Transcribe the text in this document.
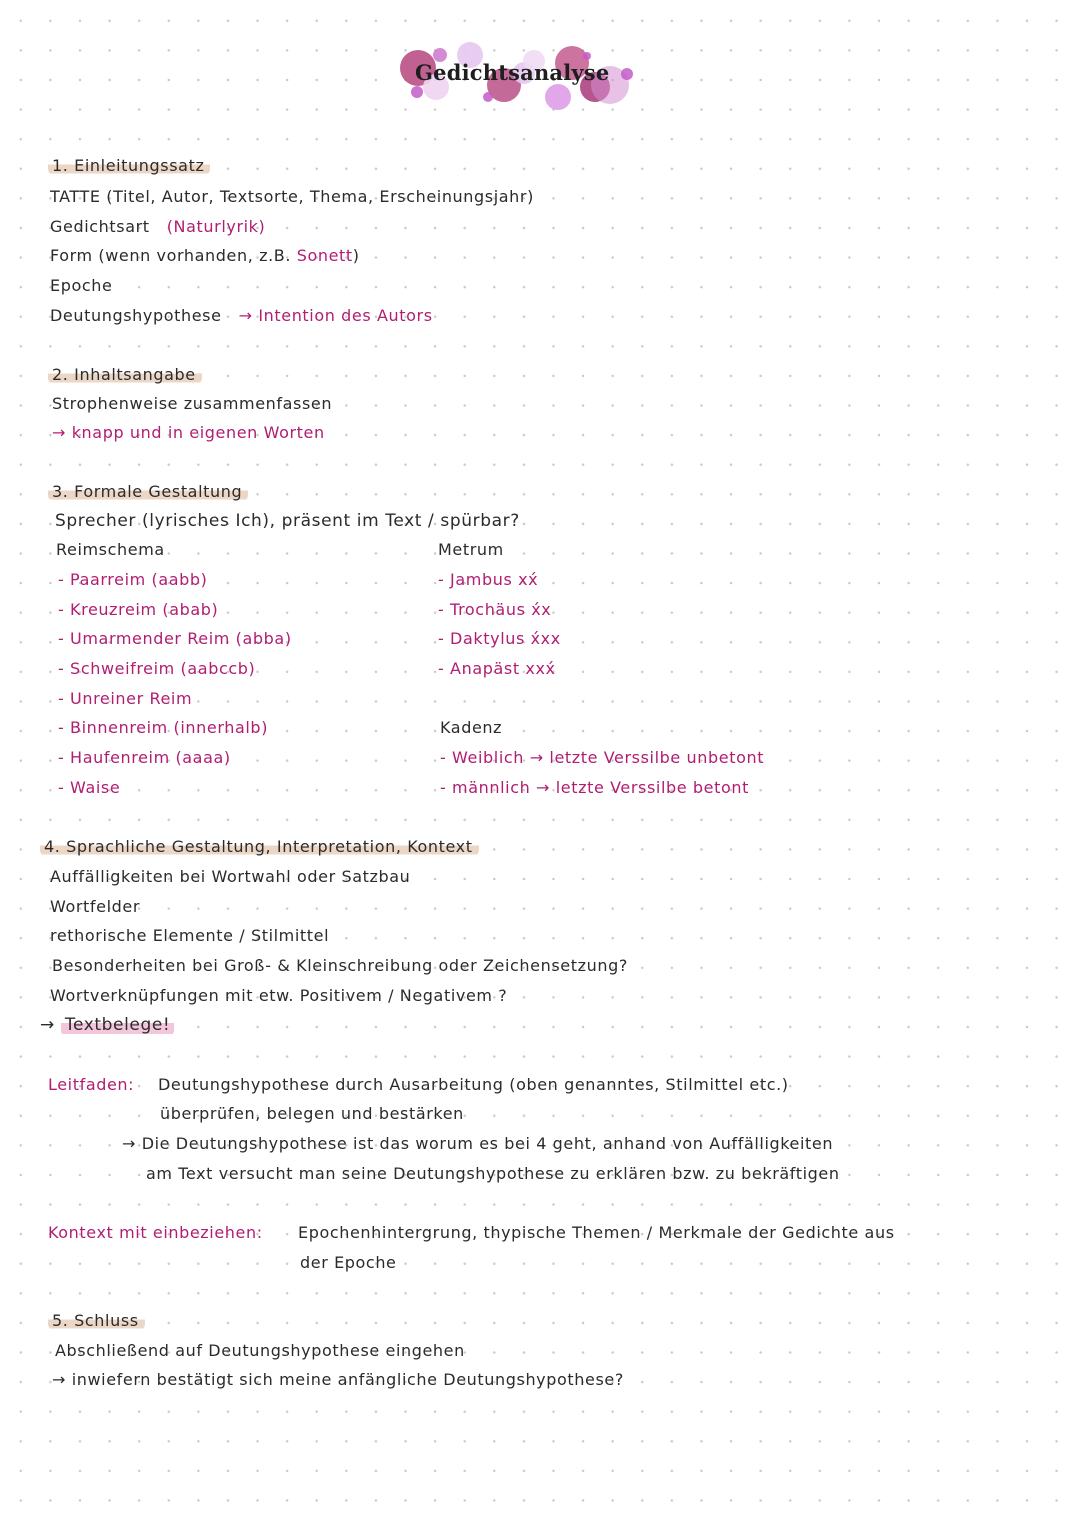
Gedichtsanalyse
1. Einleitungssatz
TATTE (Titel, Autor, Textsorte, Thema, Erscheinungsjahr)
Gedichtsart (Naturlyrik)
Form (wenn vorhanden, z.B. Sonett)
Epoche
Deutungshypothese → Intention des Autors
2. Inhaltsangabe
Strophenweise zusammenfassen
→ knapp und in eigenen Worten
3. Formale Gestaltung
Sprecher (lyrisches Ich), präsent im Text / spürbar?
Reimschema
- Paarreim (aabb)
- Kreuzreim (abab)
- Umarmender Reim (abba)
- Schweifreim (aabccb)
- Unreiner Reim
- Binnenreim (innerhalb)
- Haufenreim (aaaa)
- Waise
Metrum
- Jambus xx́
- Trochäus x́x
- Daktylus x́xx
- Anapäst xxx́
Kadenz
- Weiblich → letzte Verssilbe unbetont
- männlich → letzte Verssilbe betont
4. Sprachliche Gestaltung, Interpretation, Kontext
Auffälligkeiten bei Wortwahl oder Satzbau
Wortfelder
rethorische Elemente / Stilmittel
Besonderheiten bei Groß- & Kleinschreibung oder Zeichensetzung?
Wortverknüpfungen mit etw. Positivem / Negativem ?
→ Textbelege!
Leitfaden: Deutungshypothese durch Ausarbeitung (oben genanntes, Stilmittel etc.)
überprüfen, belegen und bestärken
→ Die Deutungshypothese ist das worum es bei 4 geht, anhand von Auffälligkeiten
am Text versucht man seine Deutungshypothese zu erklären bzw. zu bekräftigen
Kontext mit einbeziehen: Epochenhintergrung, thypische Themen / Merkmale der Gedichte aus
der Epoche
5. Schluss
Abschließend auf Deutungshypothese eingehen
→ inwiefern bestätigt sich meine anfängliche Deutungshypothese?
